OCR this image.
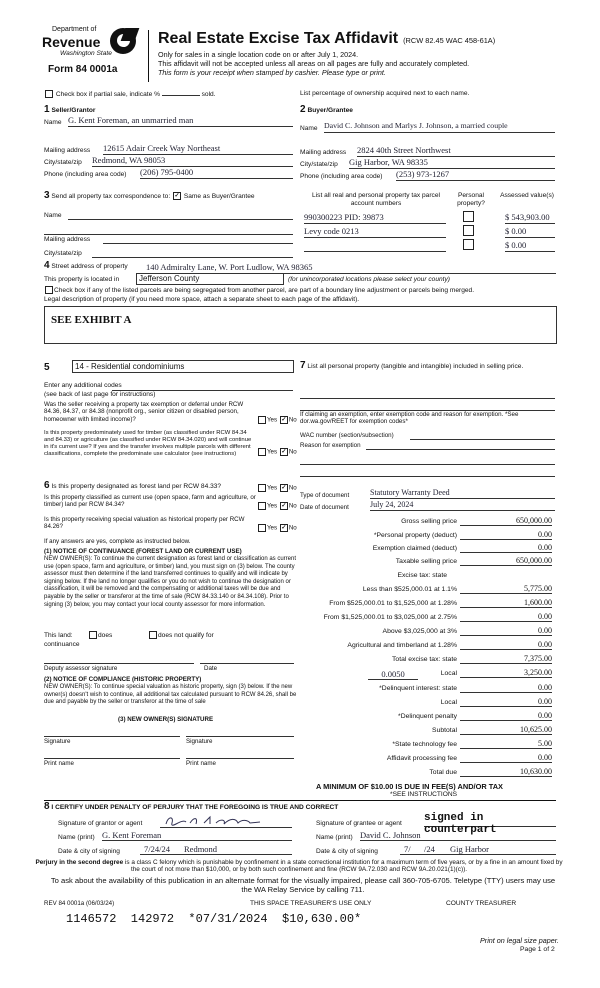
Department of
Revenue
Washington State
Form 84 0001a
Real Estate Excise Tax Affidavit (RCW 82.45 WAC 458-61A)
Only for sales in a single location code on or after July 1, 2024.
This affidavit will not be accepted unless all areas on all pages are fully and accurately completed.
This form is your receipt when stamped by cashier. Please type or print.
Check box if partial sale, indicate %	sold.	List percentage of ownership acquired next to each name.
1 Seller/Grantor
Name G. Kent Foreman, an unmarried man
Mailing address 12615 Adair Creek Way Northeast
City/state/zip Redmond, WA 98053
Phone (including area code) (206) 795-0400
2 Buyer/Grantee
Name David C. Johnson and Marlys J. Johnson, a married couple
Mailing address 2824 40th Street Northwest
City/state/zip Gig Harbor, WA 98335
Phone (including area code) (253) 973-1267
3 Send all property tax correspondence to: ✓ Same as Buyer/Grantee
Name
Mailing address
City/state/zip
List all real and personal property tax parcel account numbers
Personal property?
Assessed value(s)
990300223 PID: 39873	$ 543,903.00
Levy code 0213	$ 0.00
$ 0.00
4 Street address of property	140 Admiralty Lane, W. Port Ludlow, WA 98365
This property is located in	Jefferson County	(for unincorporated locations please select your county)
Check box if any of the listed parcels are being segregated from another parcel, are part of a boundary line adjustment or parcels being merged.
Legal description of property (if you need more space, attach a separate sheet to each page of the affidavit).
SEE EXHIBIT A
5	14 - Residential condominiums
Enter any additional codes
(see back of last page for instructions)
Was the seller receiving a property tax exemption or deferral under RCW 84.36, 84.37, or 84.38 (nonprofit org., senior citizen or disabled person, homeowner with limited income)?	Yes ✓ No
Is this property predominately used for timber (as classified under RCW 84.34 and 84.33) or agriculture (as classified under RCW 84.34.020) and will continue in it's current use? If yes and the transfer involves multiple parcels with different classifications, complete the predominate use calculator (see instructions)	Yes ✓ No
6 Is this property designated as forest land per RCW 84.33?	Yes ✓ No
Is this property classified as current use (open space, farm and agriculture, or timber) land per RCW 84.34?	Yes ✓ No
Is this property receiving special valuation as historical property per RCW 84.26?	Yes ✓ No
If any answers are yes, complete as instructed below.
(1) NOTICE OF CONTINUANCE (FOREST LAND OR CURRENT USE)
NEW OWNER(S): To continue the current designation as forest land or classification as current use (open space, farm and agriculture, or timber) land, you must sign on (3) below. The county assessor must then determine if the land transferred continues to qualify and will indicate by signing below. If the land no longer qualifies or you do not wish to continue the designation or classification, it will be removed and the compensating or additional taxes will be due and payable by the seller or transferor at the time of sale (RCW 84.33.140 or 84.34.108). Prior to signing (3) below, you may contact your local county assessor for more information.
This land:	does	does not qualify for
continuance
Deputy assessor signature	Date
(2) NOTICE OF COMPLIANCE (HISTORIC PROPERTY)
NEW OWNER(S): To continue special valuation as historic property, sign (3) below. If the new owner(s) doesn't wish to continue, all additional tax calculated pursuant to RCW 84.26, shall be due and payable by the seller or transferor at the time of sale
(3) NEW OWNER(S) SIGNATURE
Signature	Signature
Print name	Print name
7 List all personal property (tangible and intangible) included in selling price.
If claiming an exemption, enter exemption code and reason for exemption. *See dor.wa.gov/REET for exemption codes*
WAC number (section/subsection)
Reason for exemption
Type of document	Statutory Warranty Deed
Date of document	July 24, 2024
Gross selling price	650,000.00
*Personal property (deduct)	0.00
Exemption claimed (deduct)	0.00
Taxable selling price	650,000.00
Excise tax: state
Less than $525,000.01 at 1.1%	5,775.00
From $525,000.01 to $1,525,000 at 1.28%	1,600.00
From $1,525,000.01 to $3,025,000 at 2.75%	0.00
Above $3,025,000 at 3%	0.00
Agricultural and timberland at 1.28%	0.00
Total excise tax: state	7,375.00
0.0050	Local	3,250.00
*Delinquent interest: state	0.00
Local	0.00
*Delinquent penalty	0.00
Subtotal	10,625.00
*State technology fee	5.00
Affidavit processing fee	0.00
Total due	10,630.00
A MINIMUM OF $10.00 IS DUE IN FEE(S) AND/OR TAX
*SEE INSTRUCTIONS
8 I CERTIFY UNDER PENALTY OF PERJURY THAT THE FOREGOING IS TRUE AND CORRECT
Signature of grantor or agent	Signature of grantee or agent signed in counterpart
Name (print) G. Kent Foreman	Name (print) David C. Johnson
Date & city of signing	7/24/24 Redmond	Date & city of signing	7/ /24 Gig Harbor
Perjury in the second degree is a class C felony which is punishable by confinement in a state correctional institution for a maximum term of five years, or by a fine in an amount fixed by the court of not more than $10,000, or by both such confinement and fine (RCW 9A.72.030 and RCW 9A.20.021(1)(c)).
To ask about the availability of this publication in an alternate format for the visually impaired, please call 360-705-6705. Teletype (TTY) users may use the WA Relay Service by calling 711.
REV 84 0001a (06/03/24)	THIS SPACE TREASURER'S USE ONLY	COUNTY TREASURER
1146572  142972  *07/31/2024  $10,630.00*
Print on legal size paper.
Page 1 of 2
